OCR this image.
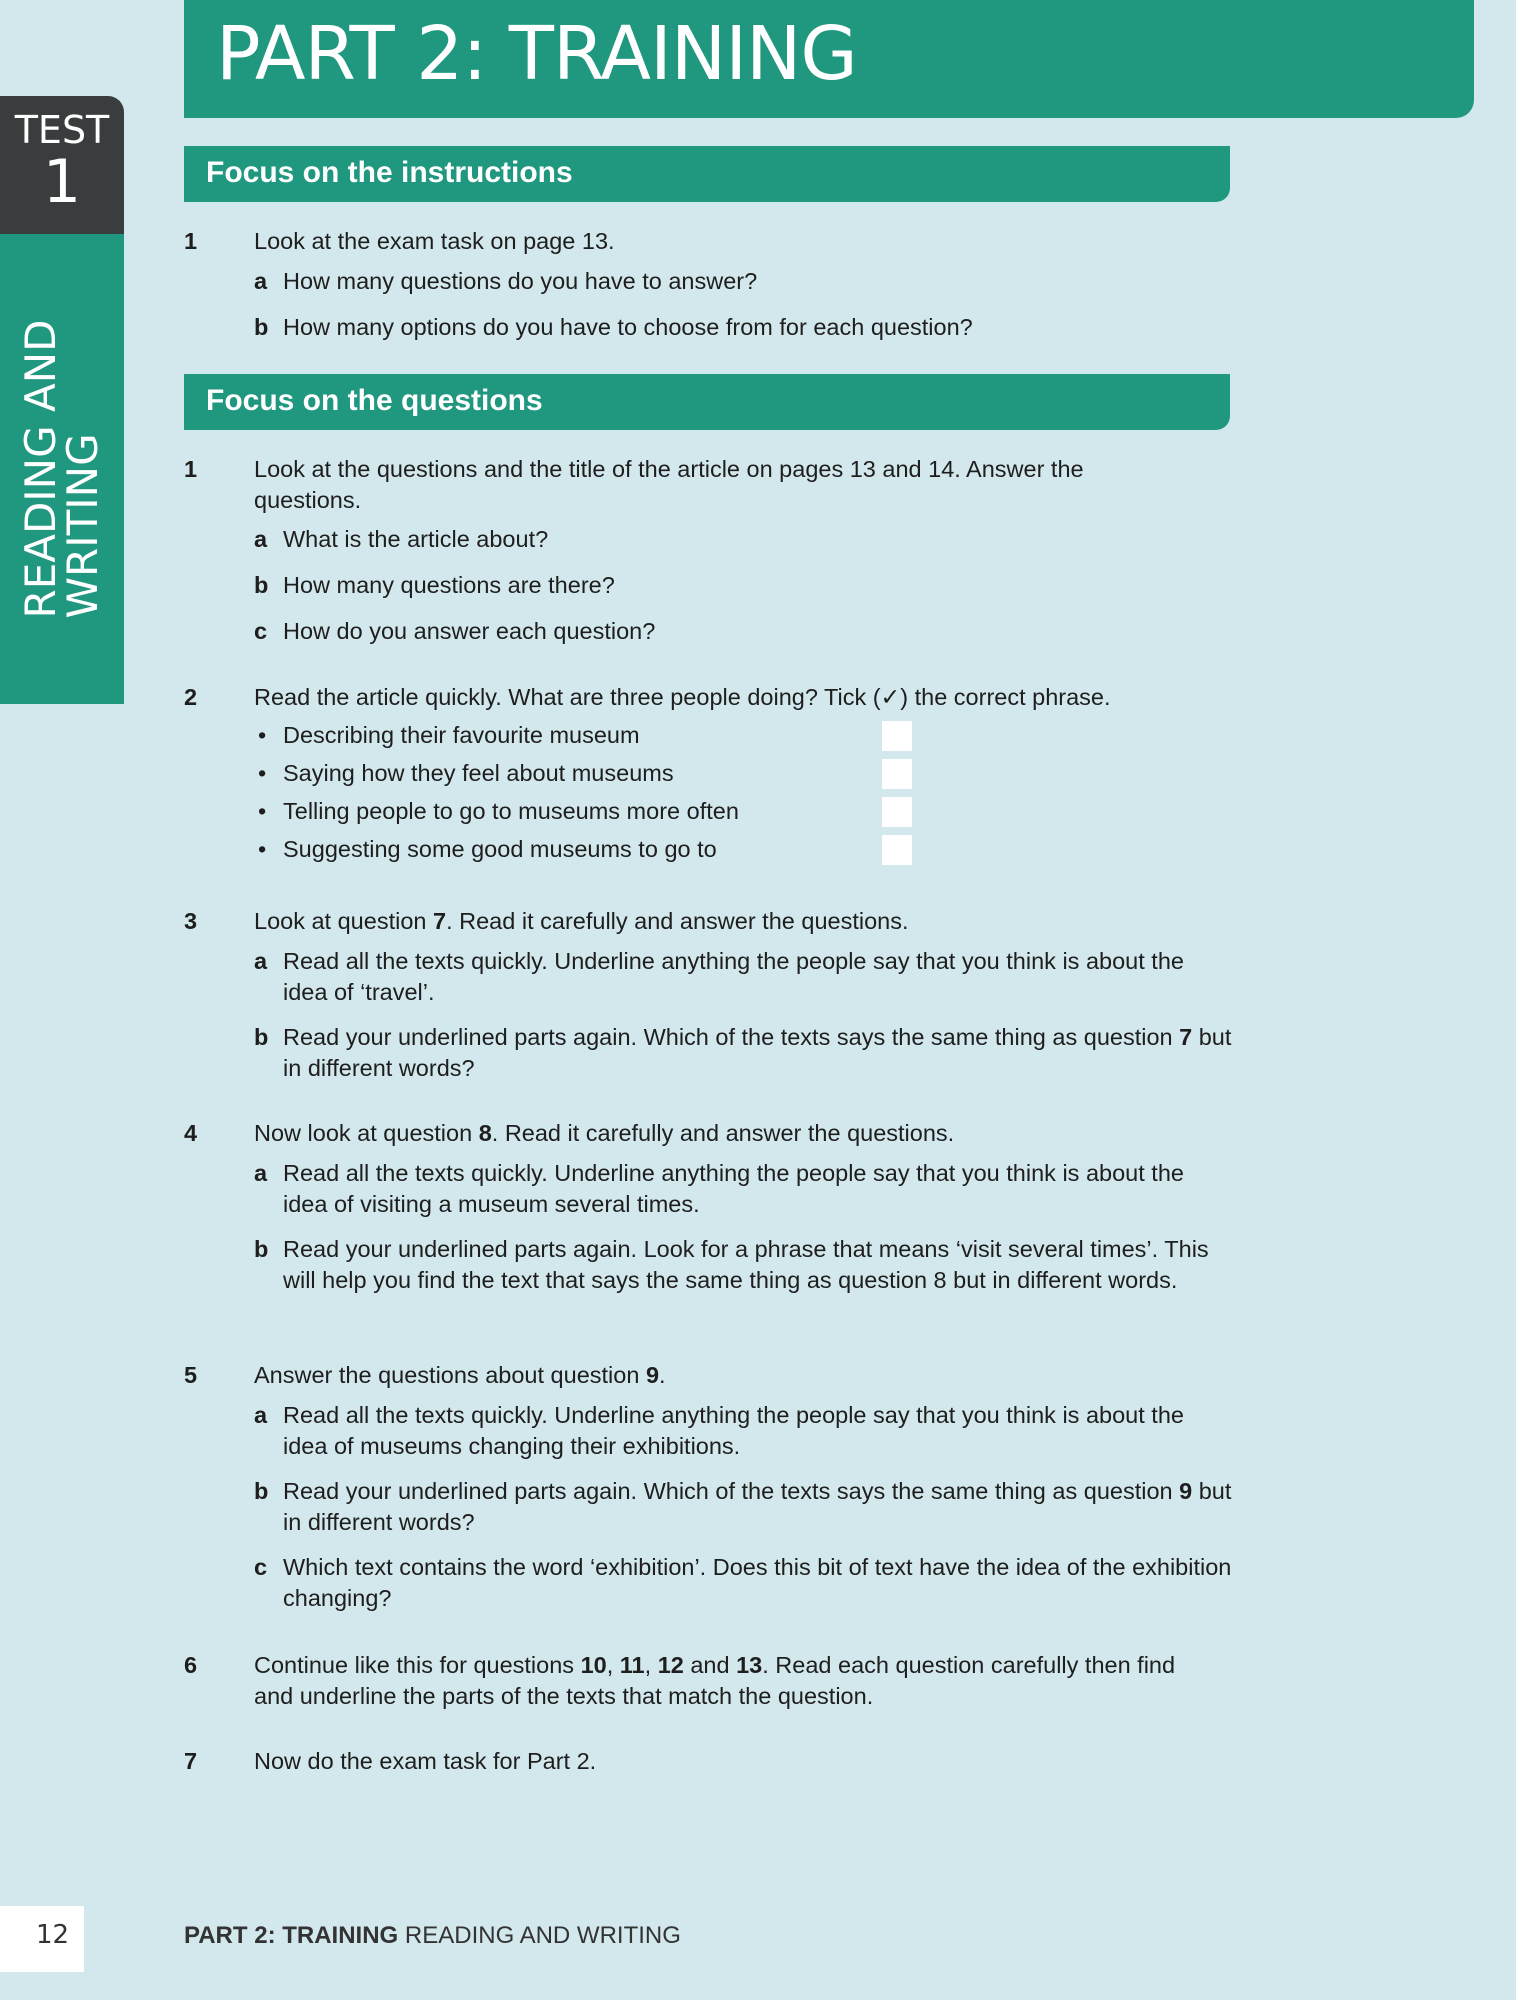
PART 2: TRAINING
TEST
1
READING AND
WRITING
Focus on the instructions
1 Look at the exam task on page 13.
a How many questions do you have to answer?
b How many options do you have to choose from for each question?
Focus on the questions
1 Look at the questions and the title of the article on pages 13 and 14. Answer the questions.
a What is the article about?
b How many questions are there?
c How do you answer each question?
2 Read the article quickly. What are three people doing? Tick (✓) the correct phrase.
• Describing their favourite museum
• Saying how they feel about museums
• Telling people to go to museums more often
• Suggesting some good museums to go to
3 Look at question 7. Read it carefully and answer the questions.
a Read all the texts quickly. Underline anything the people say that you think is about the idea of ‘travel’.
b Read your underlined parts again. Which of the texts says the same thing as question 7 but in different words?
4 Now look at question 8. Read it carefully and answer the questions.
a Read all the texts quickly. Underline anything the people say that you think is about the idea of visiting a museum several times.
b Read your underlined parts again. Look for a phrase that means ‘visit several times’. This will help you find the text that says the same thing as question 8 but in different words.
5 Answer the questions about question 9.
a Read all the texts quickly. Underline anything the people say that you think is about the idea of museums changing their exhibitions.
b Read your underlined parts again. Which of the texts says the same thing as question 9 but in different words?
c Which text contains the word ‘exhibition’. Does this bit of text have the idea of the exhibition changing?
6 Continue like this for questions 10, 11, 12 and 13. Read each question carefully then find and underline the parts of the texts that match the question.
7 Now do the exam task for Part 2.
12	PART 2: TRAINING READING AND WRITING
